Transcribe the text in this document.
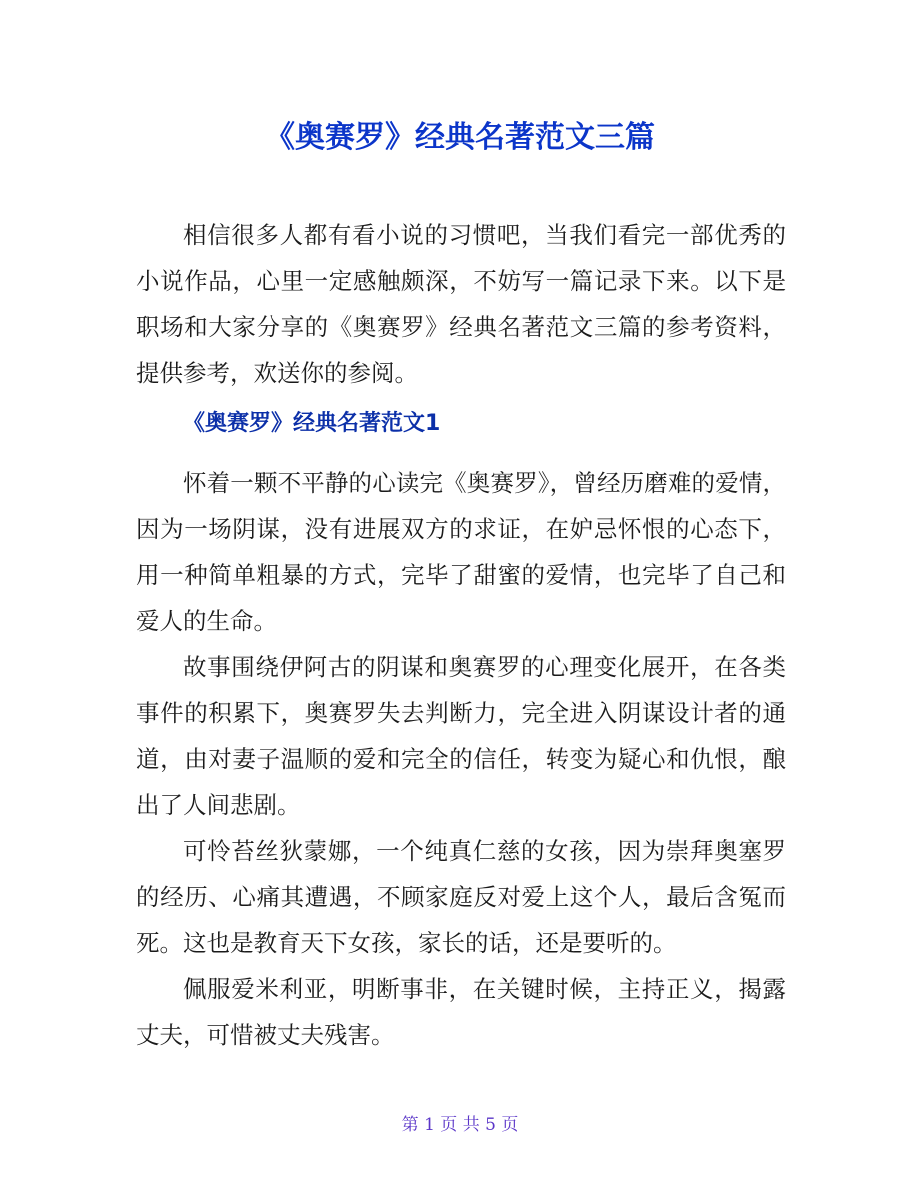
《奥赛罗》经典名著范文三篇

相信很多人都有看小说的习惯吧，当我们看完一部优秀的小说作品，心里一定感触颇深，不妨写一篇记录下来。以下是职场和大家分享的《奥赛罗》经典名著范文三篇的参考资料，提供参考，欢送你的参阅。

《奥赛罗》经典名著范文1

怀着一颗不平静的心读完《奥赛罗》，曾经历磨难的爱情，因为一场阴谋，没有进展双方的求证，在妒忌怀恨的心态下，用一种简单粗暴的方式，完毕了甜蜜的爱情，也完毕了自己和爱人的生命。

故事围绕伊阿古的阴谋和奥赛罗的心理变化展开，在各类事件的积累下，奥赛罗失去判断力，完全进入阴谋设计者的通道，由对妻子温顺的爱和完全的信任，转变为疑心和仇恨，酿出了人间悲剧。

可怜苔丝狄蒙娜，一个纯真仁慈的女孩，因为崇拜奥塞罗的经历、心痛其遭遇，不顾家庭反对爱上这个人，最后含冤而死。这也是教育天下女孩，家长的话，还是要听的。

佩服爱米利亚，明断事非，在关键时候，主持正义，揭露丈夫，可惜被丈夫残害。

第 1 页 共 5 页
